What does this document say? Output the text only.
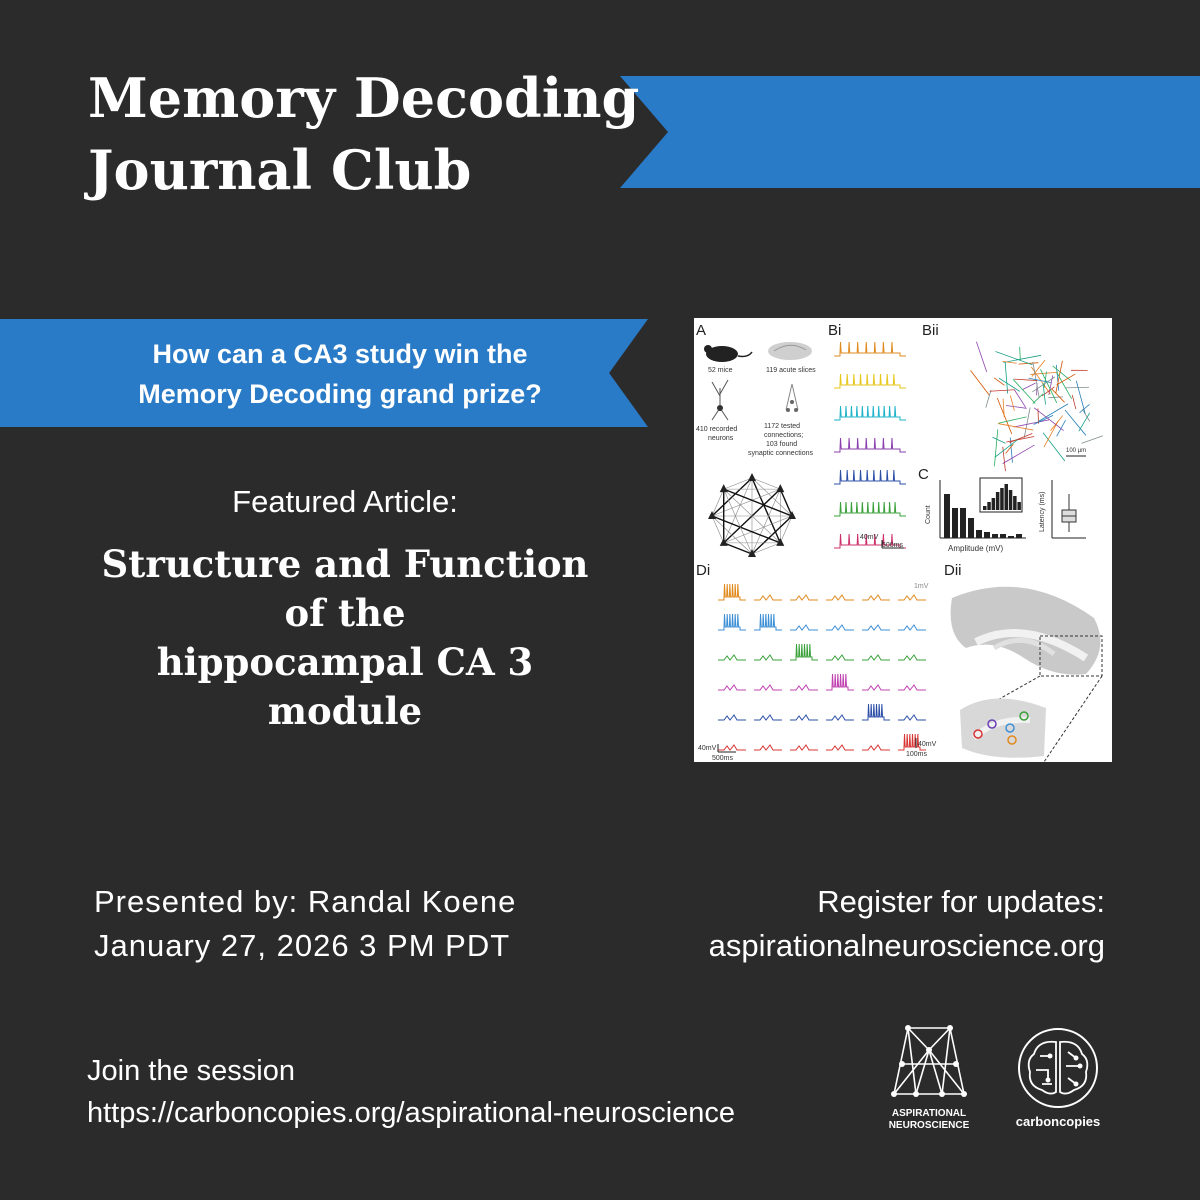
Memory Decoding
Journal Club
How can a CA3 study win the
Memory Decoding grand prize?
Featured Article:
Structure and Function
of the
hippocampal CA 3
module
A	Bi	Bii
C
Di	Dii
52 mice	119 acute slices
410 recorded
neurons
1172 tested
connections;
103 found
synaptic connections
40mV
500ms
100 µm
Count
Amplitude (mV)
Latency (ms)
1mV
40mV
500ms
40mV
100ms
Presented by: Randal Koene
January 27, 2026 3 PM PDT
Register for updates:
aspirationalneuroscience.org
Join the session
https://carboncopies.org/aspirational-neuroscience	ASPIRATIONAL
NEUROSCIENCE	carboncopies
